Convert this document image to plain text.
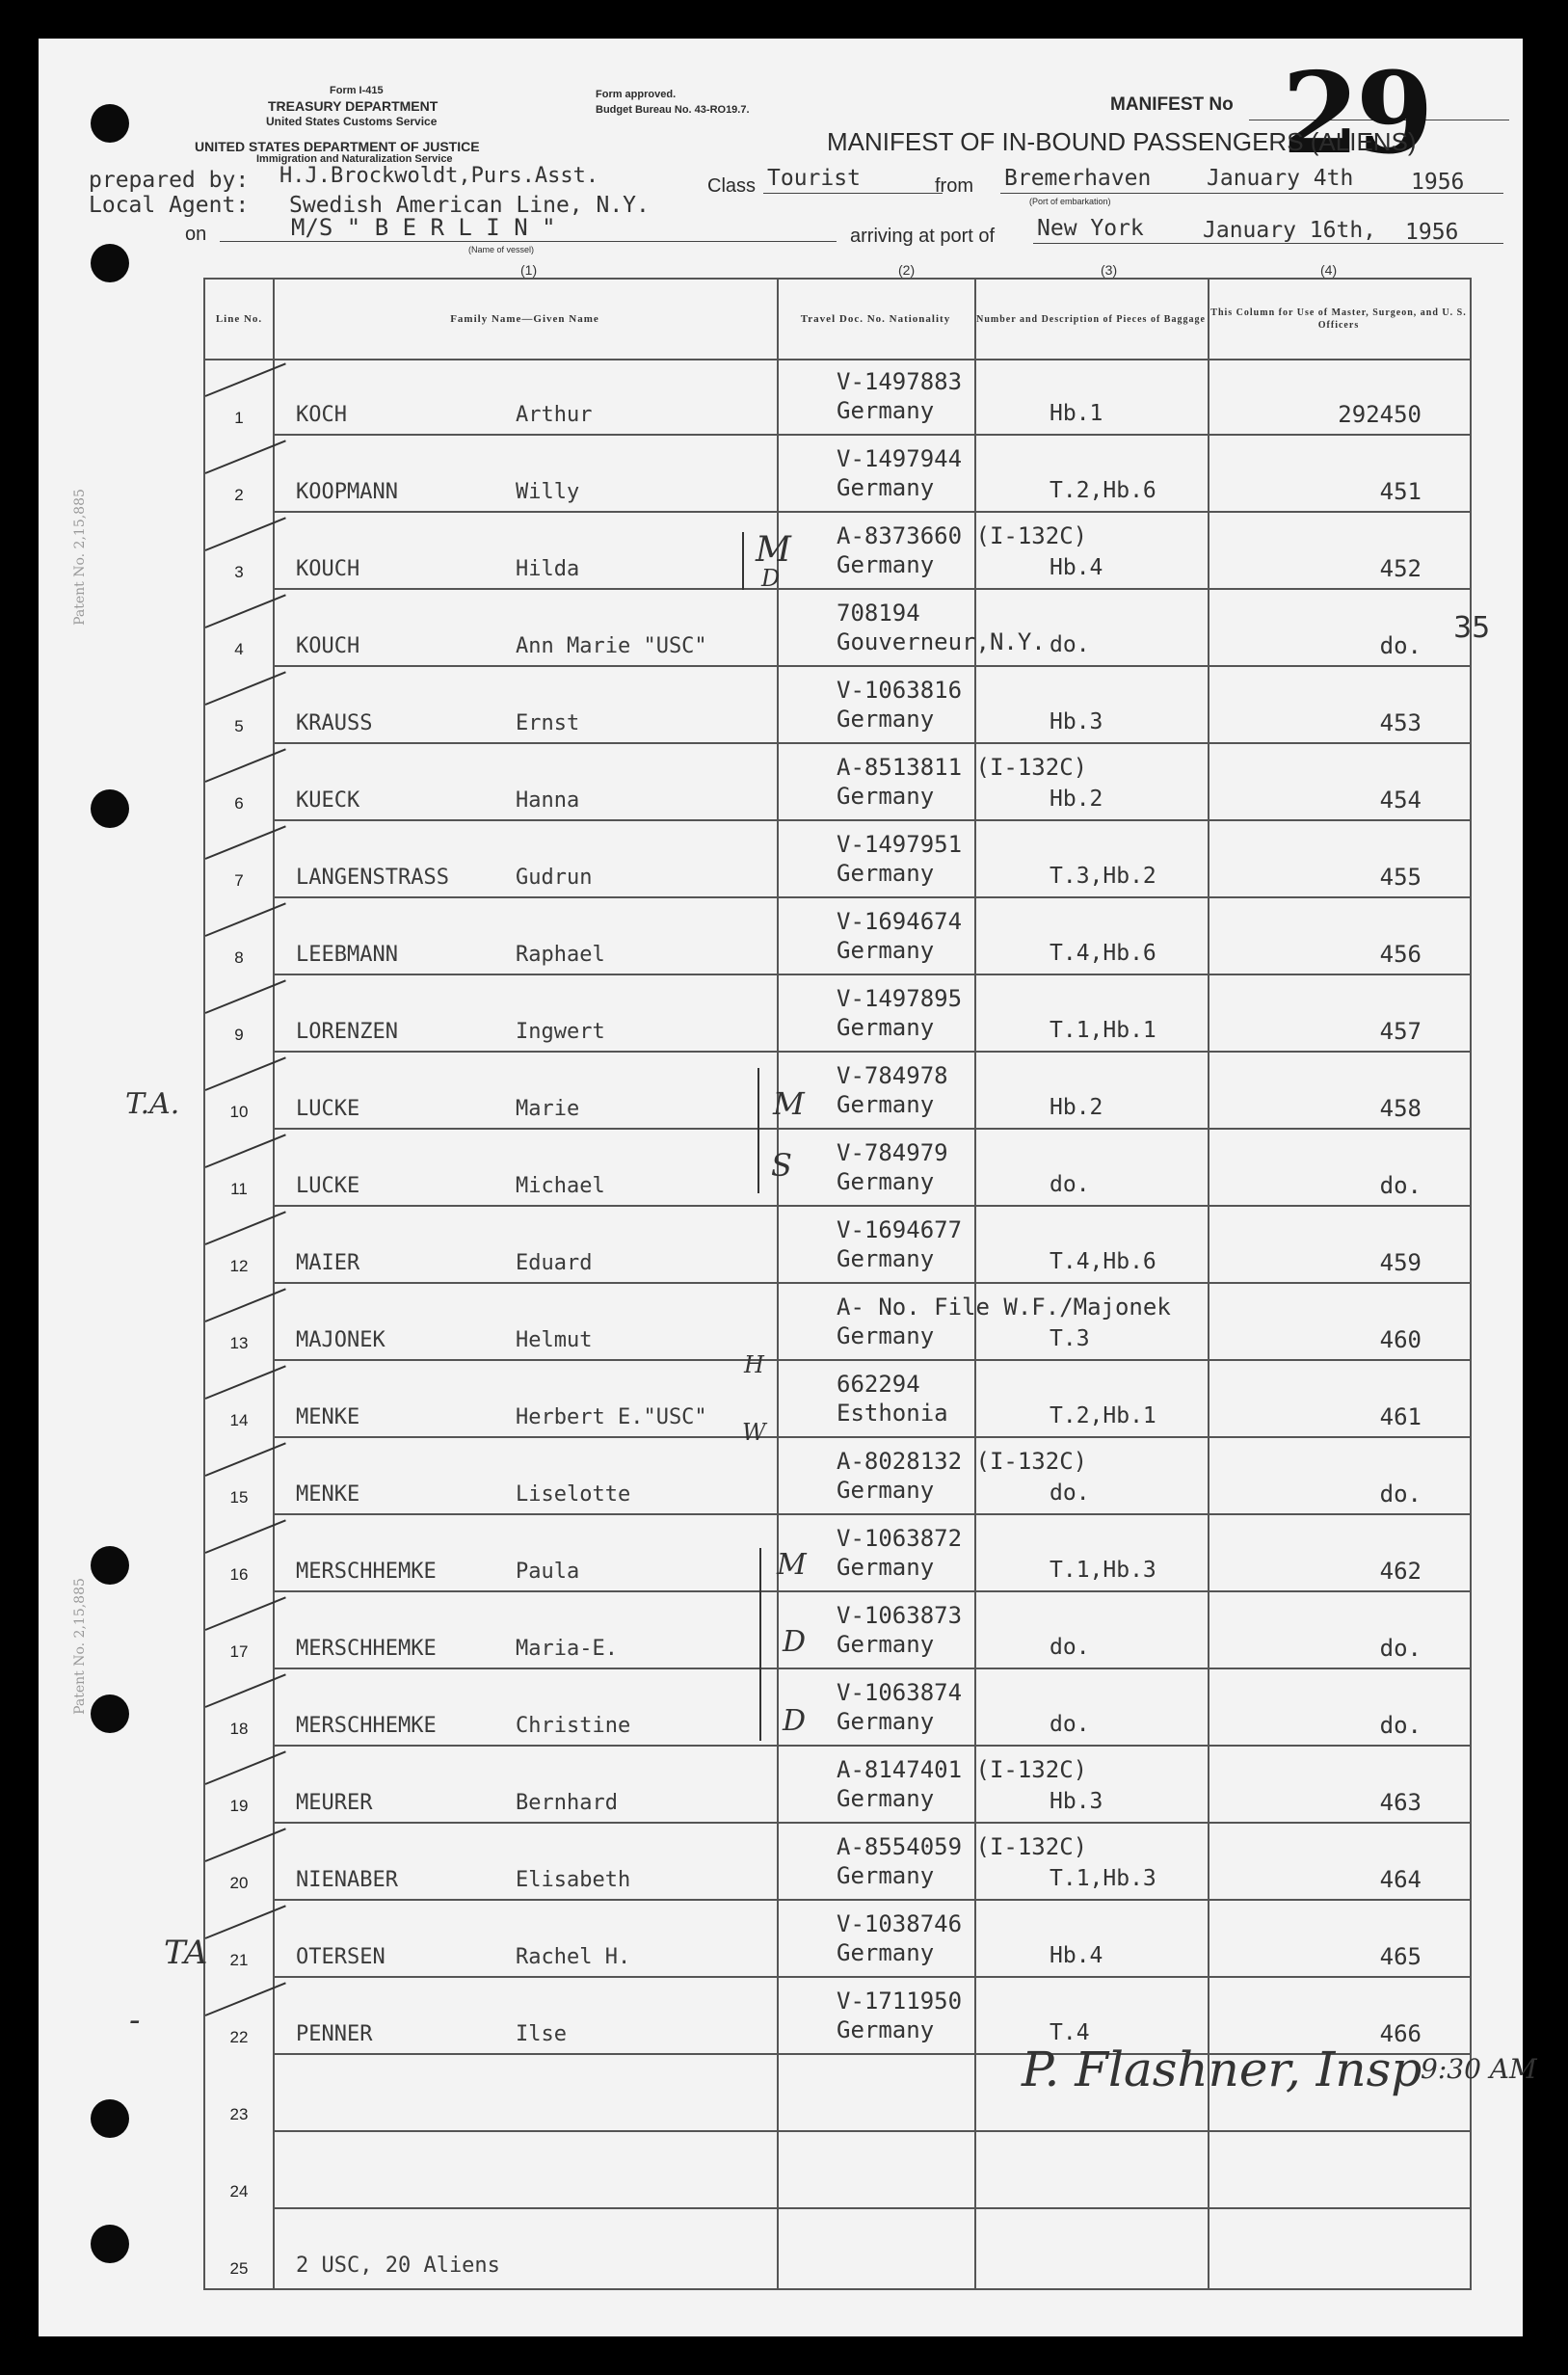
Form I-415
TREASURY DEPARTMENT
United States Customs Service
UNITED STATES DEPARTMENT OF JUSTICE
Immigration and Naturalization Service
Form approved.
Budget Bureau No. 43-RO19.7.	MANIFEST No 29
MANIFEST OF IN-BOUND PASSENGERS (ALIENS)
prepared by: H.J.Brockwoldt,Purs.Asst.
Local Agent: Swedish American Line, N.Y.
on	M/S " B E R L I N "
(Name of vessel)
Class Tourist	from Bremerhaven	January 4th	1956
(Port of embarkation)
arriving at port of New York	January 16th, 1956
(1)	(2)	(3)	(4)
Line No.	Family Name—Given Name	Travel Doc. No. Nationality	Number and Description of Pieces of Baggage
This Column for Use of Master, Surgeon, and U. S. Officers
1	KOCH	Arthur
V-1497883
Germany	Hb.1	292450
2	KOOPMANN	Willy
V-1497944
Germany	T.2,Hb.6	451
3	KOUCH	Hilda
A-8373660 (I-132C)
Germany	Hb.4	452
4	KOUCH	Ann Marie "USC"
708194
Gouverneur,N.Y. do.	do.
5	KRAUSS	Ernst
V-1063816
Germany	Hb.3	453
6	KUECK	Hanna
A-8513811 (I-132C)
Germany	Hb.2	454
7	LANGENSTRASS	Gudrun
V-1497951
Germany	T.3,Hb.2	455
8	LEEBMANN	Raphael
V-1694674
Germany	T.4,Hb.6	456
9	LORENZEN	Ingwert
V-1497895
Germany	T.1,Hb.1	457
10	LUCKE	Marie
V-784978
Germany	Hb.2	458
11	LUCKE	Michael
V-784979
Germany	do.	do.
12	MAIER	Eduard
V-1694677
Germany	T.4,Hb.6	459
13	MAJONEK	Helmut
A- No. File W.F./Majonek
Germany	T.3	460
14	MENKE	Herbert E."USC"
662294
Esthonia	T.2,Hb.1	461
15	MENKE	Liselotte
A-8028132 (I-132C)
Germany	do.	do.
16	MERSCHHEMKE	Paula
V-1063872
Germany	T.1,Hb.3	462
17	MERSCHHEMKE	Maria-E.
V-1063873
Germany	do.	do.
18	MERSCHHEMKE	Christine
V-1063874
Germany	do.	do.
19	MEURER	Bernhard
A-8147401 (I-132C)
Germany	Hb.3	463
20	NIENABER	Elisabeth
A-8554059 (I-132C)
Germany	T.1,Hb.3	464
21	OTERSEN	Rachel H.
V-1038746
Germany	Hb.4	465
22	PENNER	Ilse
V-1711950
Germany	T.4	466
23
24
25	2 USC, 20 Aliens
35
M
D
M
S
H
W
M
D
D
T.A.
TA
-
P. Flashner, Insp
9:30 AM
Patent No. 2,15,885
Patent No. 2,15,885
